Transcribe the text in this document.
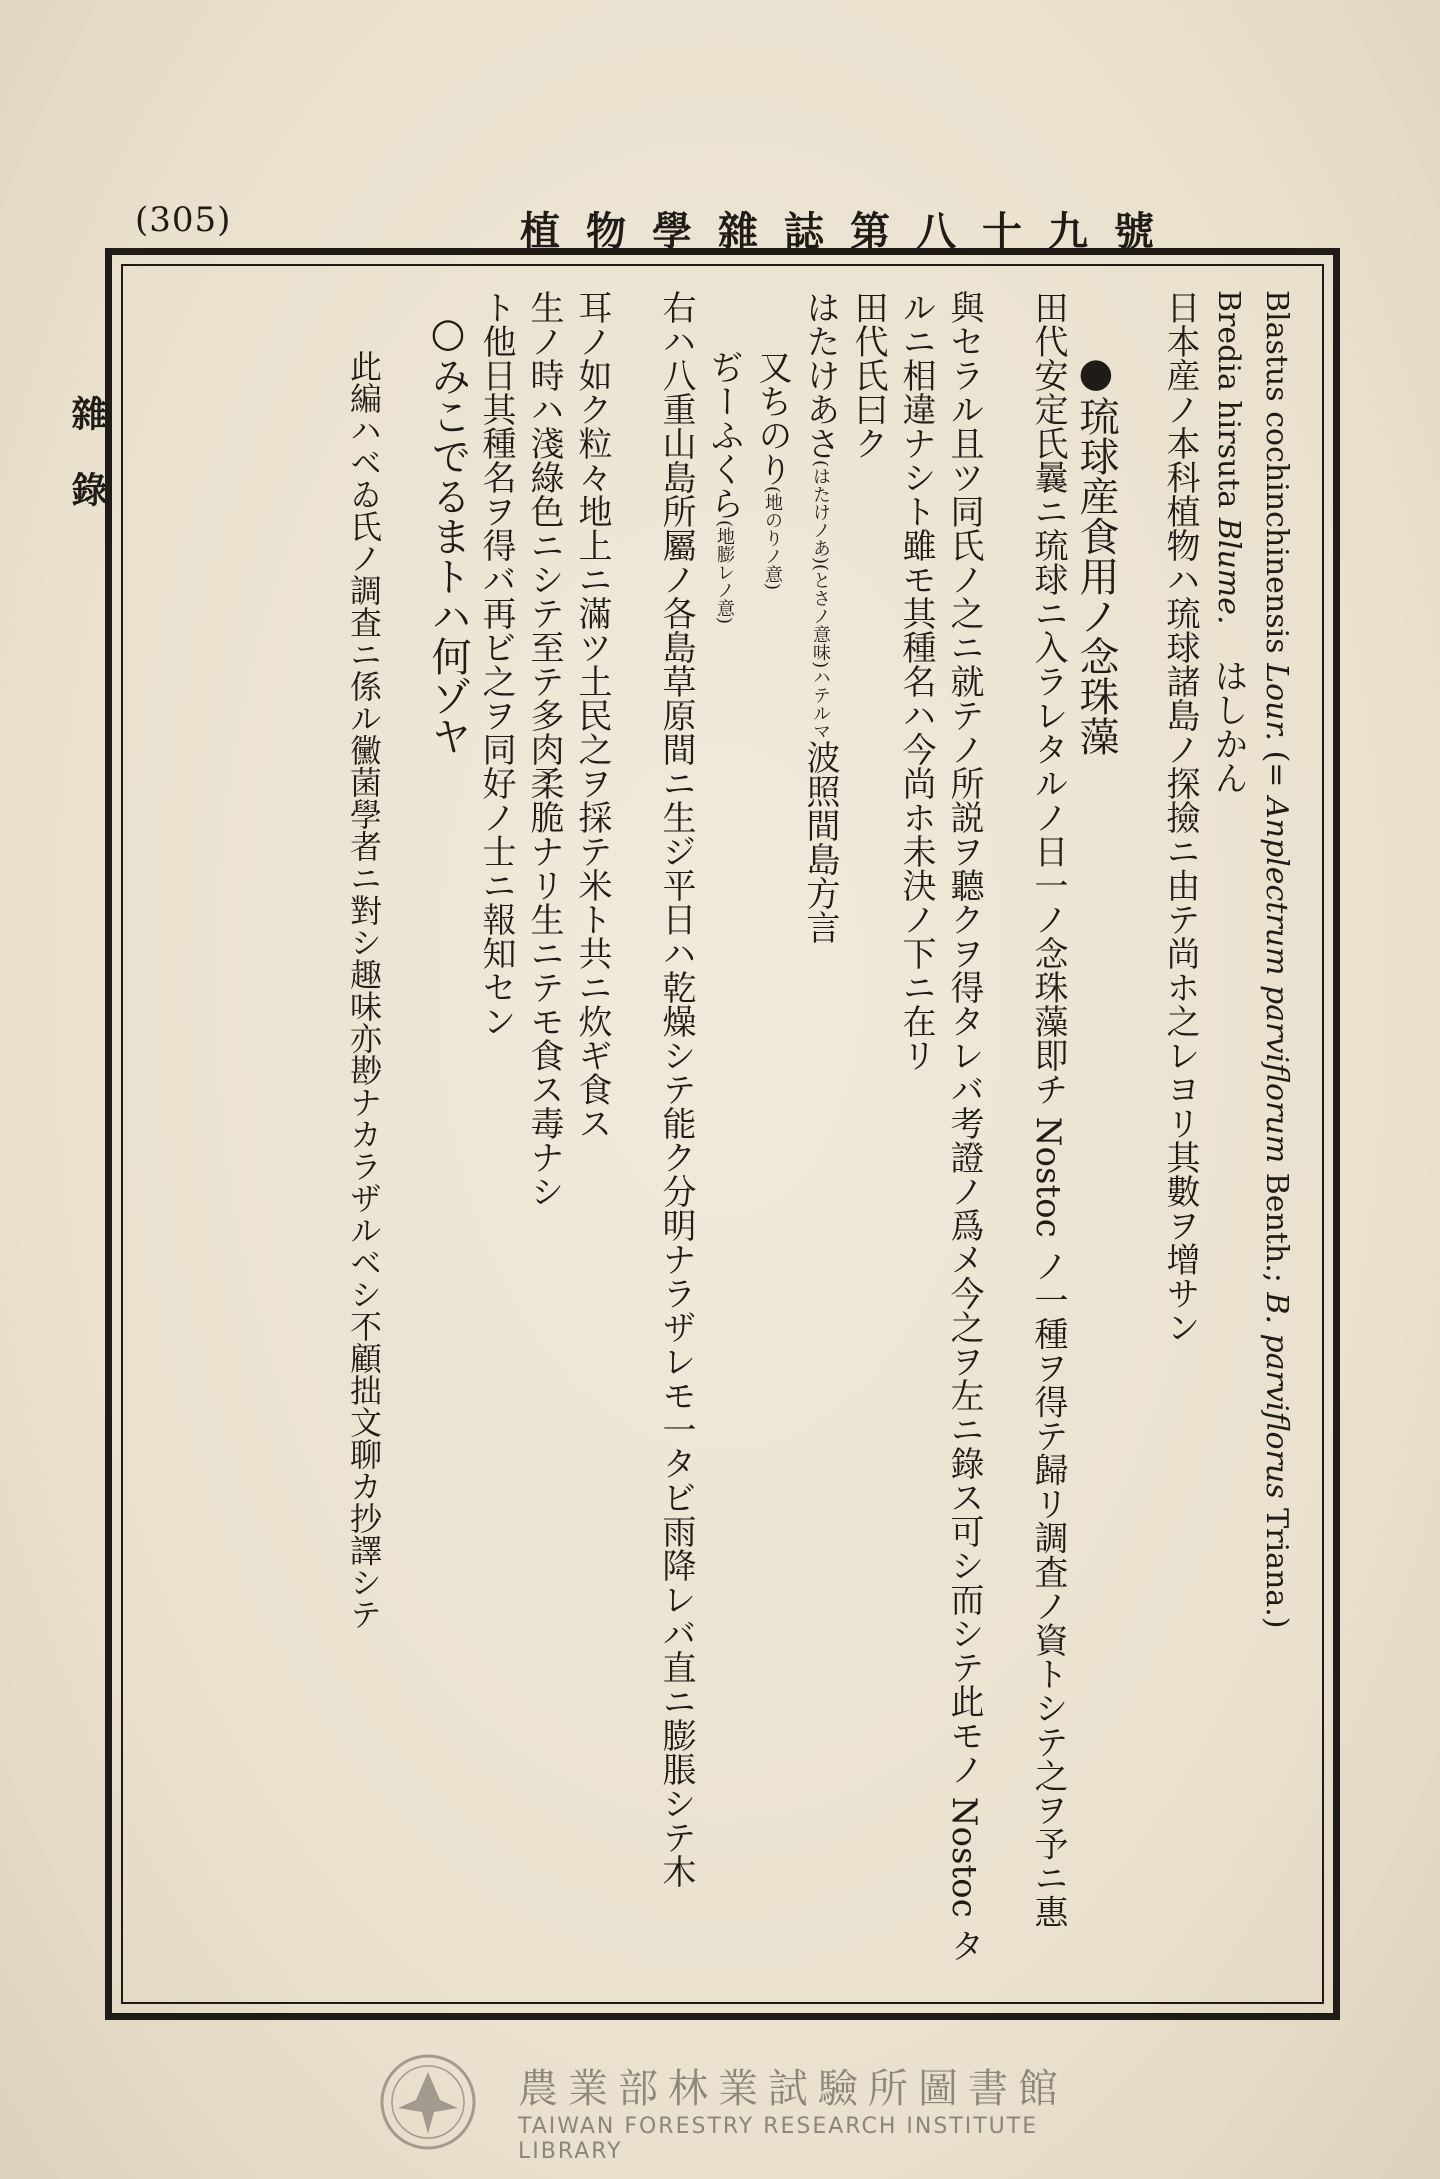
(305)	植物學雜誌第八十九號
雜錄	Blastus cochinchinensis Lour. (= Anplectrum parviflorum Benth.; B. parviflorus Triana.)
Bredia hirsuta Blume.　はしかん
日本産ノ本科植物ハ琉球諸島ノ探撿ニ由テ尚ホ之レヨリ其數ヲ增サン
●琉球産食用ノ念珠藻
田代安定氏曩ニ琉球ニ入ラレタルノ日一ノ念珠藻即チ Nostoc ノ一種ヲ得テ歸リ調査ノ資トシテ之ヲ予ニ惠
與セラル且ツ同氏ノ之ニ就テノ所説ヲ聽クヲ得タレバ考證ノ爲メ今之ヲ左ニ錄ス可シ而シテ此モノ Nostoc タ
ルニ相違ナシト雖モ其種名ハ今尚ホ未決ノ下ニ在リ
田代氏曰ク
はたけあさ(はたけノあ)(とさノ意味)ハテルマ波照間島方言
又ちのり(地のりノ意)
ぢーふくら(地膨レノ意)
右ハ八重山島所屬ノ各島草原間ニ生ジ平日ハ乾燥シテ能ク分明ナラザレモ一タビ雨降レバ直ニ膨脹シテ木
耳ノ如ク粒々地上ニ滿ツ土民之ヲ採テ米ト共ニ炊ギ食ス
生ノ時ハ淺綠色ニシテ至テ多肉柔脆ナリ生ニテモ食ス毒ナシ
ト他日其種名ヲ得バ再ビ之ヲ同好ノ士ニ報知セン
○みこでるまトハ何ゾヤ
此編ハベゐ氏ノ調査ニ係ル黴菌學者ニ對シ趣味亦尠ナカラザルベシ不顧拙文聊カ抄譯シテ
農業部林業試驗所圖書館
TAIWAN FORESTRY RESEARCH INSTITUTE LIBRARY
